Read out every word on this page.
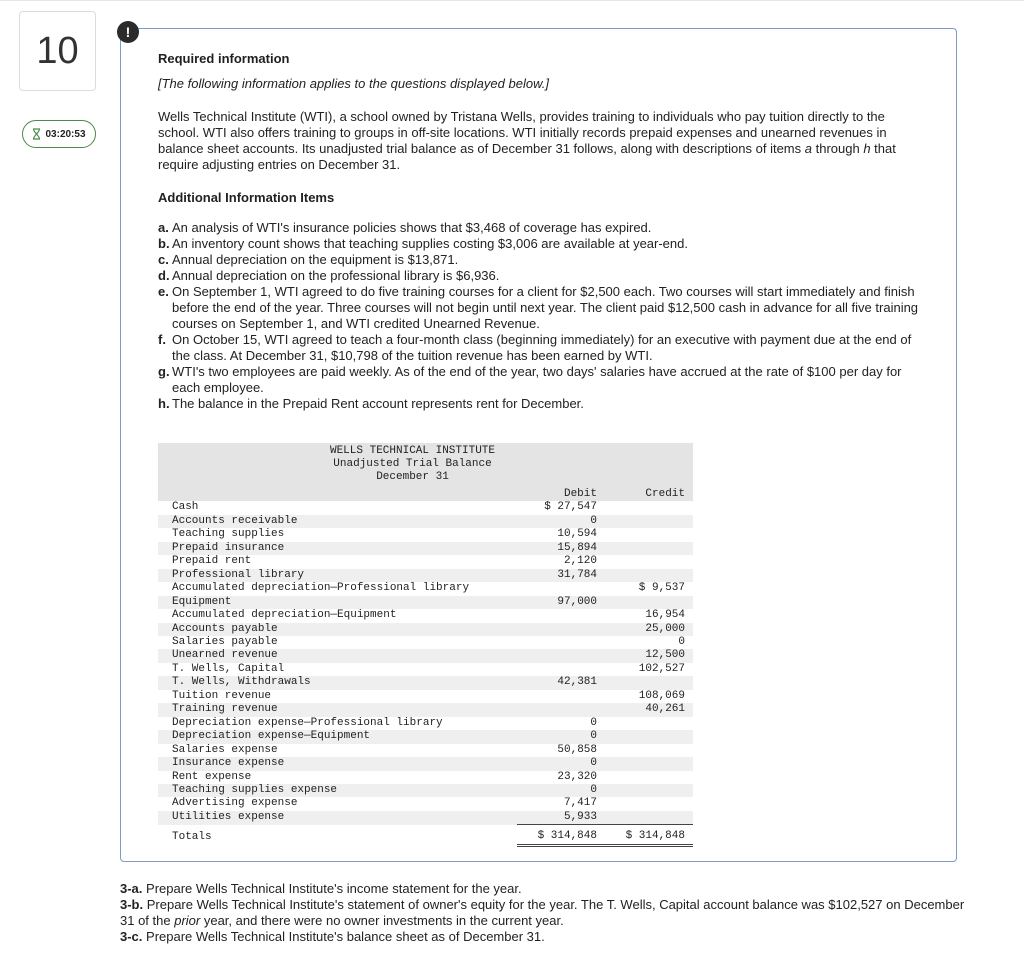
10
03:20:53
Required information
[The following information applies to the questions displayed below.]
Wells Technical Institute (WTI), a school owned by Tristana Wells, provides training to individuals who pay tuition directly to the school. WTI also offers training to groups in off-site locations. WTI initially records prepaid expenses and unearned revenues in balance sheet accounts. Its unadjusted trial balance as of December 31 follows, along with descriptions of items a through h that require adjusting entries on December 31.
Additional Information Items
a. An analysis of WTI's insurance policies shows that $3,468 of coverage has expired.
b. An inventory count shows that teaching supplies costing $3,006 are available at year-end.
c. Annual depreciation on the equipment is $13,871.
d. Annual depreciation on the professional library is $6,936.
e. On September 1, WTI agreed to do five training courses for a client for $2,500 each. Two courses will start immediately and finish before the end of the year. Three courses will not begin until next year. The client paid $12,500 cash in advance for all five training courses on September 1, and WTI credited Unearned Revenue.
f. On October 15, WTI agreed to teach a four-month class (beginning immediately) for an executive with payment due at the end of the class. At December 31, $10,798 of the tuition revenue has been earned by WTI.
g. WTI's two employees are paid weekly. As of the end of the year, two days' salaries have accrued at the rate of $100 per day for each employee.
h. The balance in the Prepaid Rent account represents rent for December.
WELLS TECHNICAL INSTITUTE
Unadjusted Trial Balance
December 31
	Debit	Credit
Cash	$ 27,547	
Accounts receivable	0	
Teaching supplies	10,594	
Prepaid insurance	15,894	
Prepaid rent	2,120	
Professional library	31,784	
Accumulated depreciation—Professional library		$ 9,537
Equipment	97,000	
Accumulated depreciation—Equipment		16,954
Accounts payable		25,000
Salaries payable		0
Unearned revenue		12,500
T. Wells, Capital		102,527
T. Wells, Withdrawals	42,381	
Tuition revenue		108,069
Training revenue		40,261
Depreciation expense—Professional library	0	
Depreciation expense—Equipment	0	
Salaries expense	50,858	
Insurance expense	0	
Rent expense	23,320	
Teaching supplies expense	0	
Advertising expense	7,417	
Utilities expense	5,933	
Totals	$ 314,848	$ 314,848
!

3-a. Prepare Wells Technical Institute's income statement for the year.

3-b. Prepare Wells Technical Institute's statement of owner's equity for the year. The T. Wells, Capital account balance was $102,527 on December 31 of the prior year, and there were no owner investments in the current year.

3-c. Prepare Wells Technical Institute's balance sheet as of December 31.
